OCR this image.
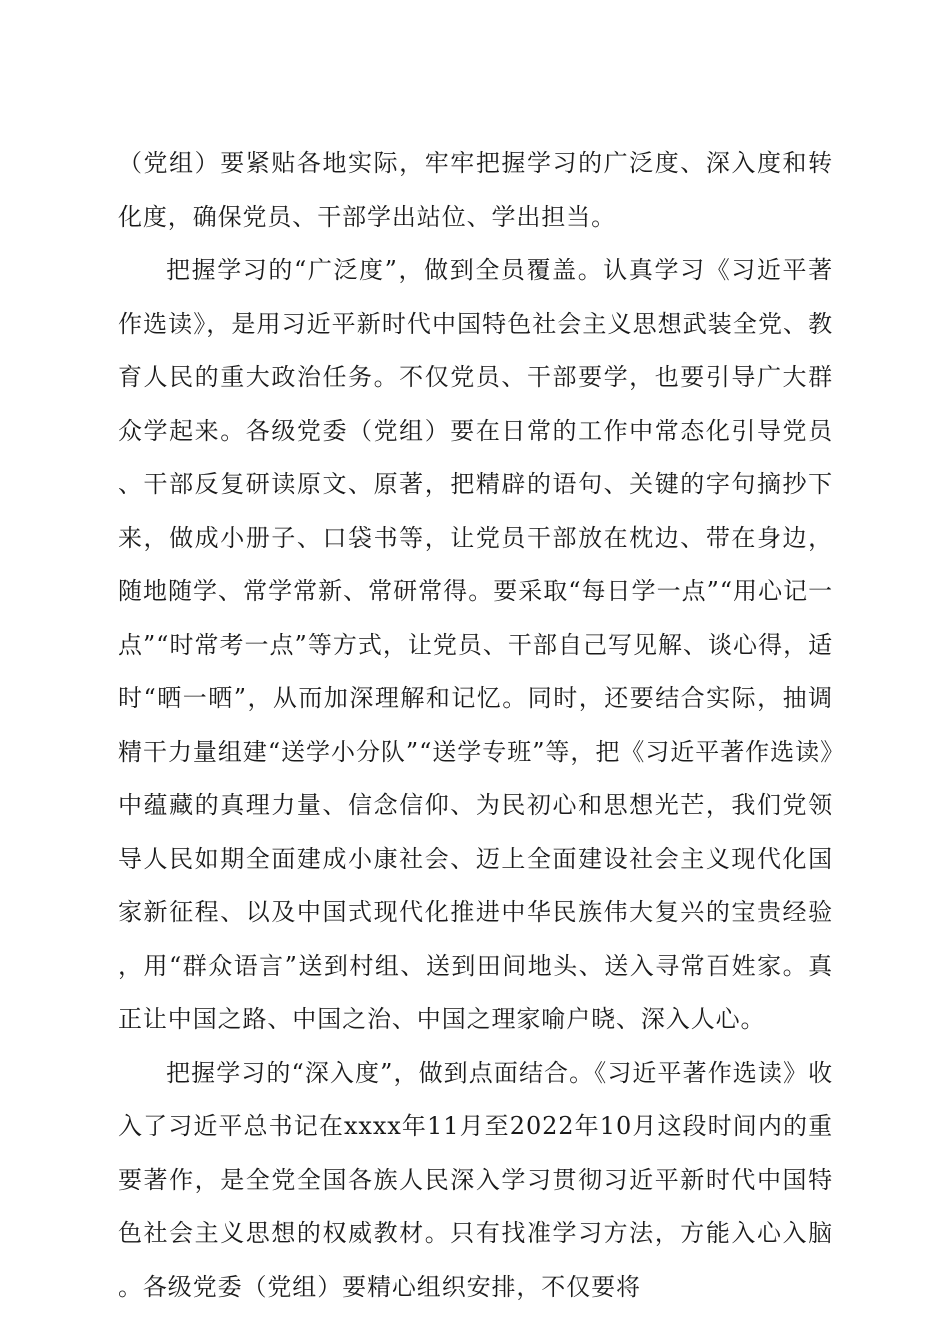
（党组）要紧贴各地实际，牢牢把握学习的广泛度、深入度和转化度，确保党员、干部学出站位、学出担当。

把握学习的“广泛度”，做到全员覆盖。认真学习《习近平著作选读》，是用习近平新时代中国特色社会主义思想武装全党、教育人民的重大政治任务。不仅党员、干部要学，也要引导广大群众学起来。各级党委（党组）要在日常的工作中常态化引导党员、干部反复研读原文、原著，把精辟的语句、关键的字句摘抄下来，做成小册子、口袋书等，让党员干部放在枕边、带在身边，随地随学、常学常新、常研常得。要采取“每日学一点”“用心记一点”“时常考一点”等方式，让党员、干部自己写见解、谈心得，适时“晒一晒”，从而加深理解和记忆。同时，还要结合实际，抽调精干力量组建“送学小分队”“送学专班”等，把《习近平著作选读》中蕴藏的真理力量、信念信仰、为民初心和思想光芒，我们党领导人民如期全面建成小康社会、迈上全面建设社会主义现代化国家新征程、以及中国式现代化推进中华民族伟大复兴的宝贵经验，用“群众语言”送到村组、送到田间地头、送入寻常百姓家。真正让中国之路、中国之治、中国之理家喻户晓、深入人心。

把握学习的“深入度”，做到点面结合。《习近平著作选读》收入了习近平总书记在xxxx年11月至2022年10月这段时间内的重要著作，是全党全国各族人民深入学习贯彻习近平新时代中国特色社会主义思想的权威教材。只有找准学习方法，方能入心入脑。各级党委（党组）要精心组织安排，不仅要将
